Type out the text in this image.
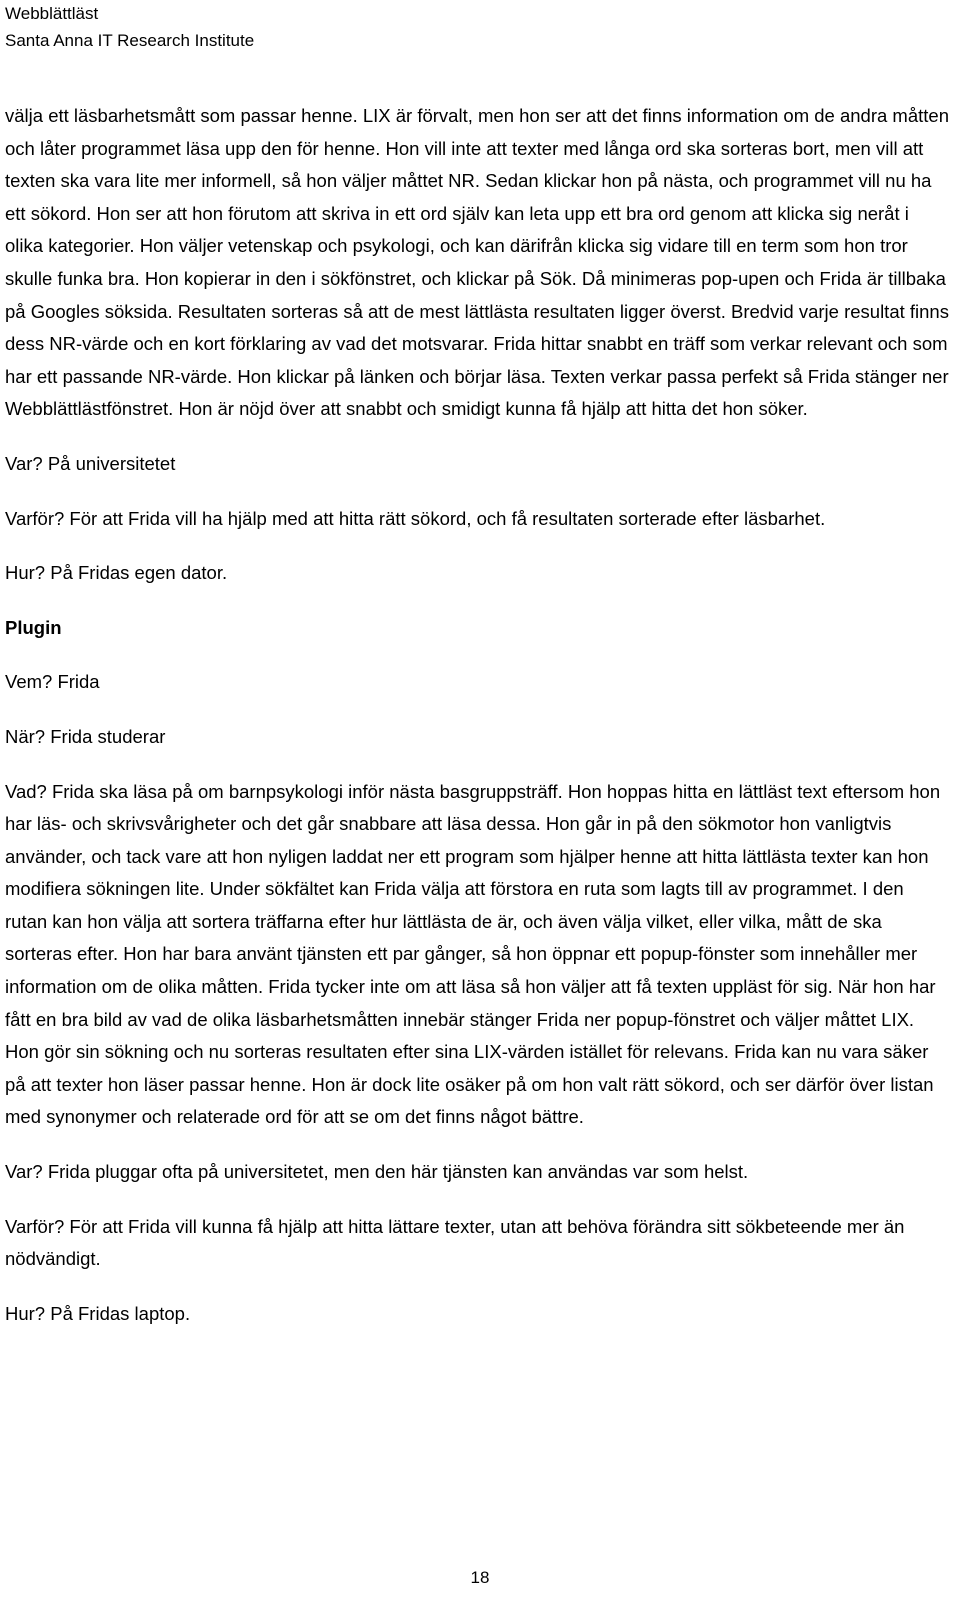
Webblättläst
Santa Anna IT Research Institute

välja ett läsbarhetsmått som passar henne. LIX är förvalt, men hon ser att det finns information om de andra måtten och låter programmet läsa upp den för henne. Hon vill inte att texter med långa ord ska sorteras bort, men vill att texten ska vara lite mer informell, så hon väljer måttet NR. Sedan klickar hon på nästa, och programmet vill nu ha ett sökord. Hon ser att hon förutom att skriva in ett ord själv kan leta upp ett bra ord genom att klicka sig neråt i olika kategorier. Hon väljer vetenskap och psykologi, och kan därifrån klicka sig vidare till en term som hon tror skulle funka bra. Hon kopierar in den i sökfönstret, och klickar på Sök. Då minimeras pop-upen och Frida är tillbaka på Googles söksida. Resultaten sorteras så att de mest lättlästa resultaten ligger överst. Bredvid varje resultat finns dess NR-värde och en kort förklaring av vad det motsvarar. Frida hittar snabbt en träff som verkar relevant och som har ett passande NR-värde. Hon klickar på länken och börjar läsa. Texten verkar passa perfekt så Frida stänger ner Webblättlästfönstret. Hon är nöjd över att snabbt och smidigt kunna få hjälp att hitta det hon söker.

Var? På universitetet

Varför? För att Frida vill ha hjälp med att hitta rätt sökord, och få resultaten sorterade efter läsbarhet.

Hur? På Fridas egen dator.

Plugin

Vem? Frida

När? Frida studerar

Vad? Frida ska läsa på om barnpsykologi inför nästa basgruppsträff. Hon hoppas hitta en lättläst text eftersom hon har läs- och skrivsvårigheter och det går snabbare att läsa dessa. Hon går in på den sökmotor hon vanligtvis använder, och tack vare att hon nyligen laddat ner ett program som hjälper henne att hitta lättlästa texter kan hon modifiera sökningen lite. Under sökfältet kan Frida välja att förstora en ruta som lagts till av programmet. I den rutan kan hon välja att sortera träffarna efter hur lättlästa de är, och även välja vilket, eller vilka, mått de ska sorteras efter. Hon har bara använt tjänsten ett par gånger, så hon öppnar ett popup-fönster som innehåller mer information om de olika måtten. Frida tycker inte om att läsa så hon väljer att få texten uppläst för sig. När hon har fått en bra bild av vad de olika läsbarhetsmåtten innebär stänger Frida ner popup-fönstret och väljer måttet LIX. Hon gör sin sökning och nu sorteras resultaten efter sina LIX-värden istället för relevans. Frida kan nu vara säker på att texter hon läser passar henne. Hon är dock lite osäker på om hon valt rätt sökord, och ser därför över listan med synonymer och relaterade ord för att se om det finns något bättre.

Var? Frida pluggar ofta på universitetet, men den här tjänsten kan användas var som helst.

Varför? För att Frida vill kunna få hjälp att hitta lättare texter, utan att behöva förändra sitt sökbeteende mer än nödvändigt.

Hur? På Fridas laptop.

18
